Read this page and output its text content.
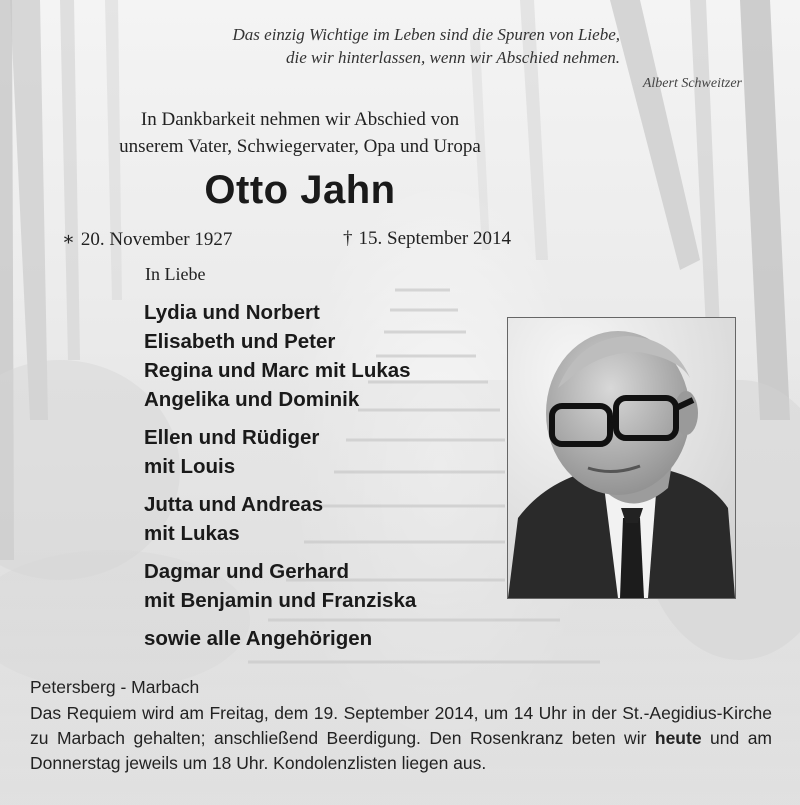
Das einzig Wichtige im Leben sind die Spuren von Liebe,
die wir hinterlassen, wenn wir Abschied nehmen.
Albert Schweitzer
In Dankbarkeit nehmen wir Abschied von
unserem Vater, Schwiegervater, Opa und Uropa
Otto Jahn
∗ 20. November 1927	† 15. September 2014
In Liebe
Lydia und Norbert
Elisabeth und Peter
Regina und Marc mit Lukas
Angelika und Dominik
Ellen und Rüdiger
mit Louis
Jutta und Andreas
mit Lukas
Dagmar und Gerhard
mit Benjamin und Franziska
sowie alle Angehörigen
Petersberg - Marbach
Das Requiem wird am Freitag, dem 19. September 2014, um 14 Uhr in der St.-Aegidius-Kirche zu Marbach gehalten; anschließend Beerdigung. Den Rosenkranz beten wir heute und am Donnerstag jeweils um 18 Uhr. Kondolenzlisten liegen aus.
